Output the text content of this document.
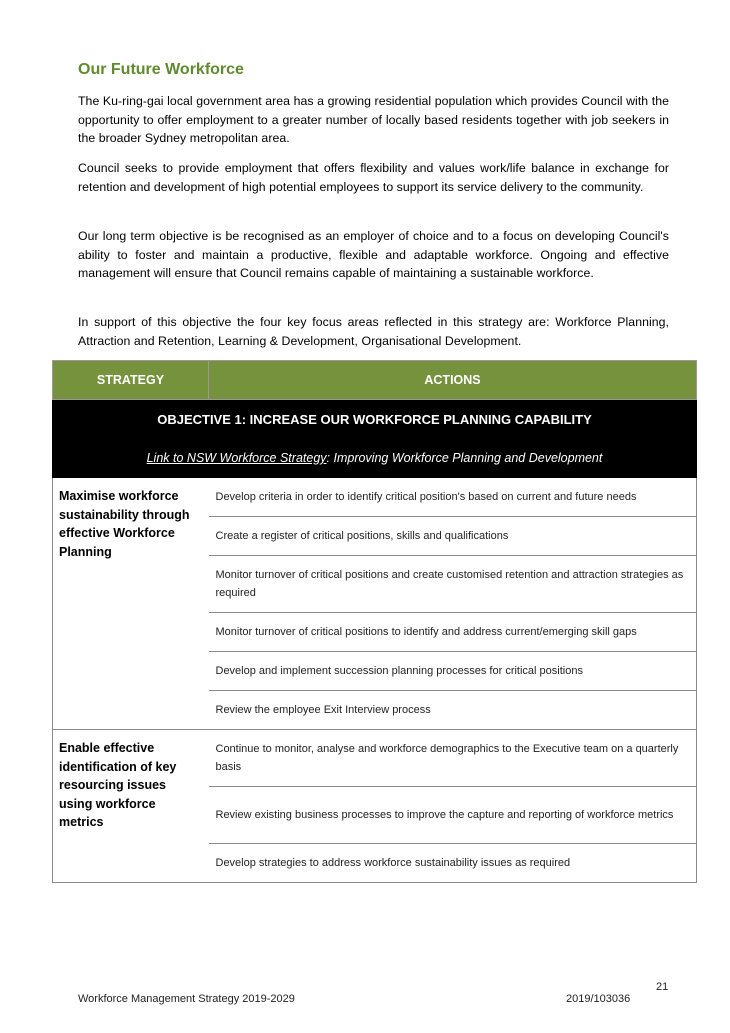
Our Future Workforce

The Ku-ring-gai local government area has a growing residential population which provides Council with the opportunity to offer employment to a greater number of locally based residents together with job seekers in the broader Sydney metropolitan area.

Council seeks to provide employment that offers flexibility and values work/life balance in exchange for retention and development of high potential employees to support its service delivery to the community.

Our long term objective is be recognised as an employer of choice and to a focus on developing Council's ability to foster and maintain a productive, flexible and adaptable workforce. Ongoing and effective management will ensure that Council remains capable of maintaining a sustainable workforce.

In support of this objective the four key focus areas reflected in this strategy are: Workforce Planning, Attraction and Retention, Learning & Development, Organisational Development.

STRATEGY	ACTIONS
OBJECTIVE 1: INCREASE OUR WORKFORCE PLANNING CAPABILITY	
Link to NSW Workforce Strategy: Improving Workforce Planning and Development	
Maximise workforce sustainability through effective Workforce Planning	Develop criteria in order to identify critical position's based on current and future needs
	Create a register of critical positions, skills and qualifications
	Monitor turnover of critical positions and create customised retention and attraction strategies as required
	Monitor turnover of critical positions to identify and address current/emerging skill gaps
	Develop and implement succession planning processes for critical positions
	Review the employee Exit Interview process
Enable effective identification of key resourcing issues using workforce metrics	Continue to monitor, analyse and workforce demographics to the Executive team on a quarterly basis
	Review existing business processes to improve the capture and reporting of workforce metrics
	Develop strategies to address workforce sustainability issues as required
21
Workforce Management Strategy 2019-2029	2019/103036
